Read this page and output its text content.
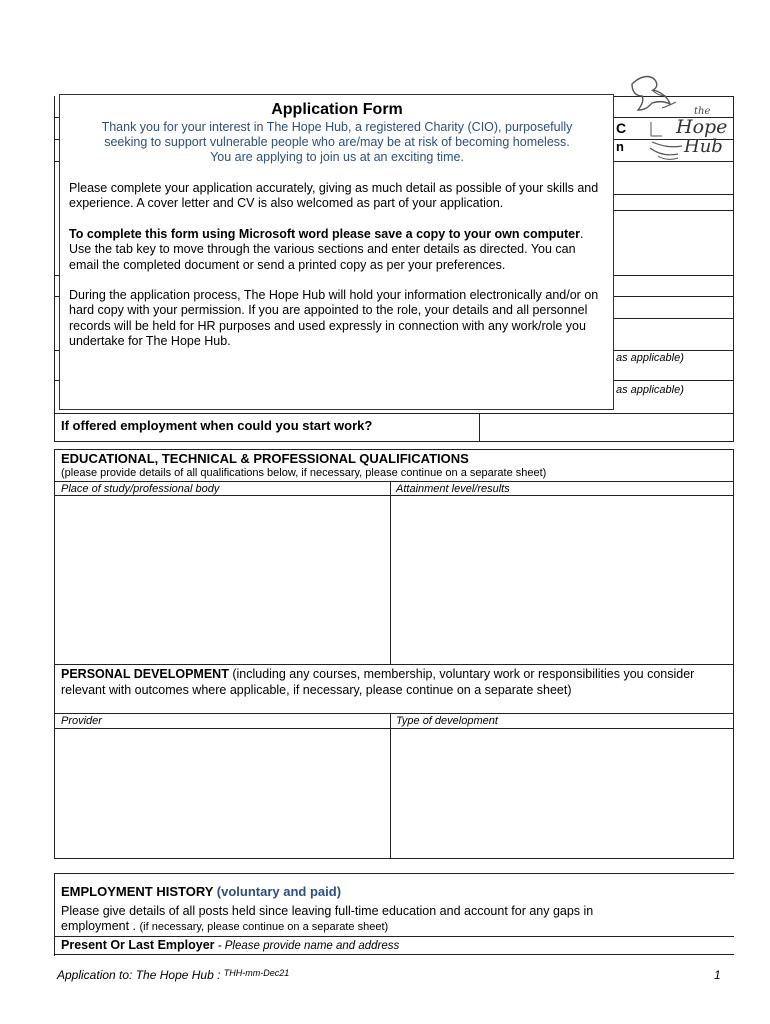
as applicable)
as applicable)
C
n
If offered employment when could you start work?
the
Hope
Hub
Application Form
Thank you for your interest in The Hope Hub, a registered Charity (CIO), purposefully
seeking to support vulnerable people who are/may be at risk of becoming homeless.
You are applying to join us at an exciting time.

Please complete your application accurately, giving as much detail as possible of your skills and experience. A cover letter and CV is also welcomed as part of your application.

To complete this form using Microsoft word please save a copy to your own computer. Use the tab key to move through the various sections and enter details as directed. You can email the completed document or send a printed copy as per your preferences.

During the application process, The Hope Hub will hold your information electronically and/or on hard copy with your permission. If you are appointed to the role, your details and all personnel records will be held for HR purposes and used expressly in connection with any work/role you undertake for The Hope Hub.

EDUCATIONAL, TECHNICAL & PROFESSIONAL QUALIFICATIONS
(please provide details of all qualifications below, if necessary, please continue on a separate sheet)
Place of study/professional body	Attainment level/results
PERSONAL DEVELOPMENT (including any courses, membership, voluntary work or responsibilities you consider relevant with outcomes where applicable, if necessary, please continue on a separate sheet)
Provider	Type of development
EMPLOYMENT HISTORY (voluntary and paid)
Please give details of all posts held since leaving full-time education and account for any gaps in
employment . (if necessary, please continue on a separate sheet)
Present Or Last Employer - Please provide name and address
Application to: The Hope Hub : $^{THH-mm-Dec21}$	1
